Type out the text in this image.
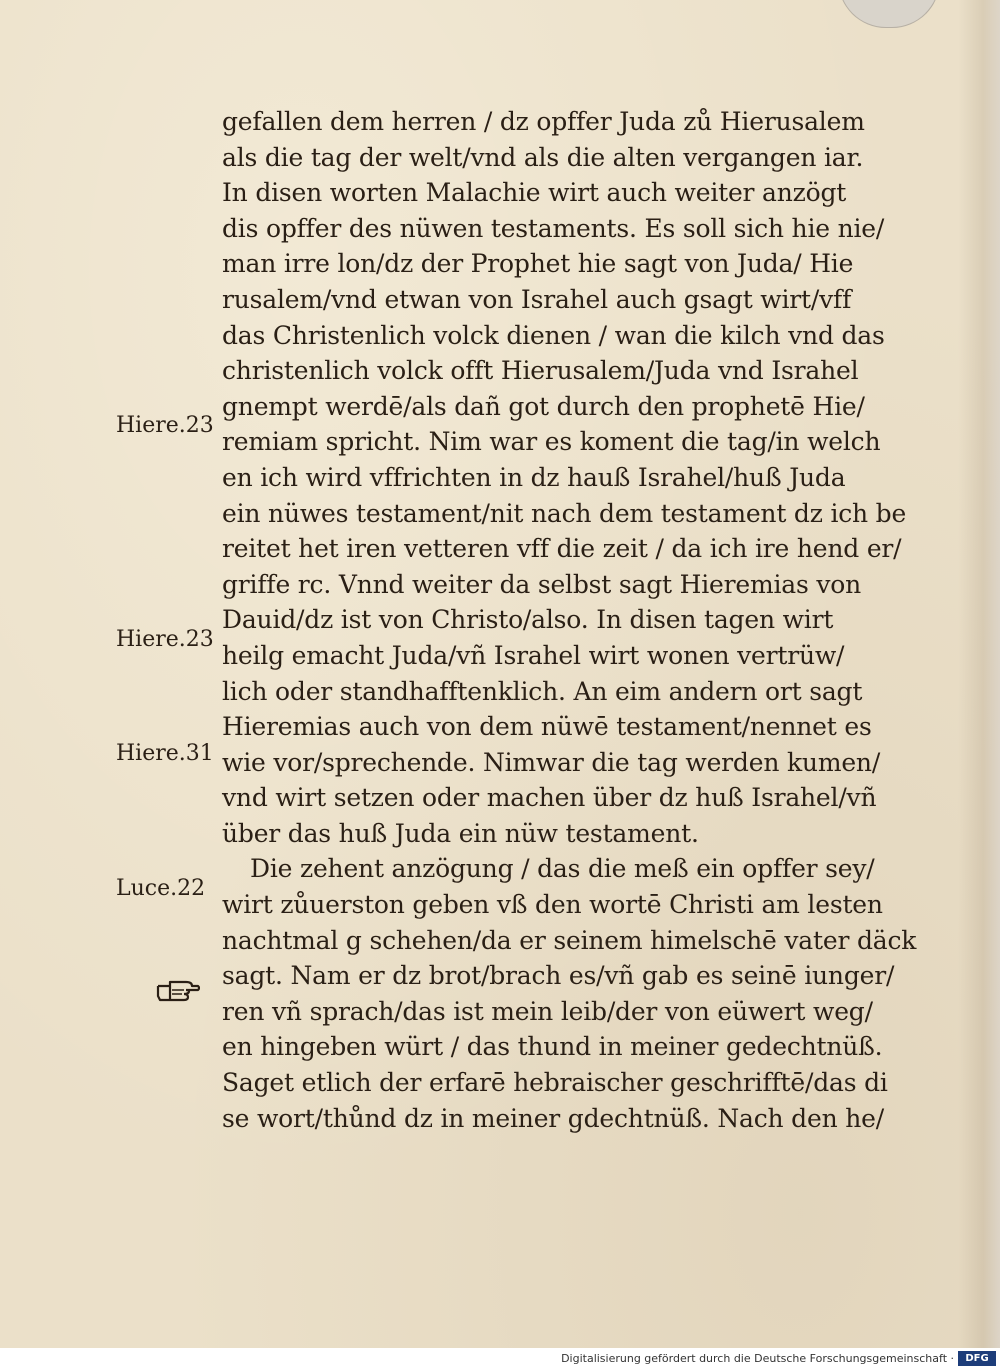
gefallen dem herren / dz opffer Juda zů Hierusalem
als die tag der welt/vnd als die alten vergangen iar.
In disen worten Malachie wirt auch weiter anzögt
dis opffer des nüwen testaments. Es soll sich hie nie/
man irre lon/dz der Prophet hie sagt von Juda/ Hie
rusalem/vnd etwan von Israhel auch gsagt wirt/vff
das Christenlich volck dienen / wan die kilch vnd das
christenlich volck offt Hierusalem/Juda vnd Israhel
gnempt werdē/als dañ got durch den prophetē Hie/
remiam spricht. Nim war es koment die tag/in welch
en ich wird vffrichten in dz hauß Israhel/huß Juda
ein nüwes testament/nit nach dem testament dz ich be
reitet het iren vetteren vff die zeit / da ich ire hend er/
griffe rc. Vnnd weiter da selbst sagt Hieremias von
Dauid/dz ist von Christo/also. In disen tagen wirt
heilg emacht Juda/vñ Israhel wirt wonen vertrüw/
lich oder standhafftenklich. An eim andern ort sagt
Hieremias auch von dem nüwē testament/nennet es
wie vor/sprechende. Nimwar die tag werden kumen/
vnd wirt setzen oder machen über dz huß Israhel/vñ
über das huß Juda ein nüw testament.
Die zehent anzögung / das die meß ein opffer sey/
wirt zůuerston geben vß den wortē Christi am lesten
nachtmal g schehen/da er seinem himelschē vater däck
sagt. Nam er dz brot/brach es/vñ gab es seinē iunger/
ren vñ sprach/das ist mein leib/der von eüwert weg/
en hingeben würt / das thund in meiner gedechtnüß.
Saget etlich der erfarē hebraischer geschrifftē/das di
se wort/thůnd dz in meiner gdechtnüß. Nach den he/
Hiere.23
Hiere.23
Hiere.31
Luce.22
Digitalisierung gefördert durch die Deutsche Forschungsgemeinschaft ·	DFG
